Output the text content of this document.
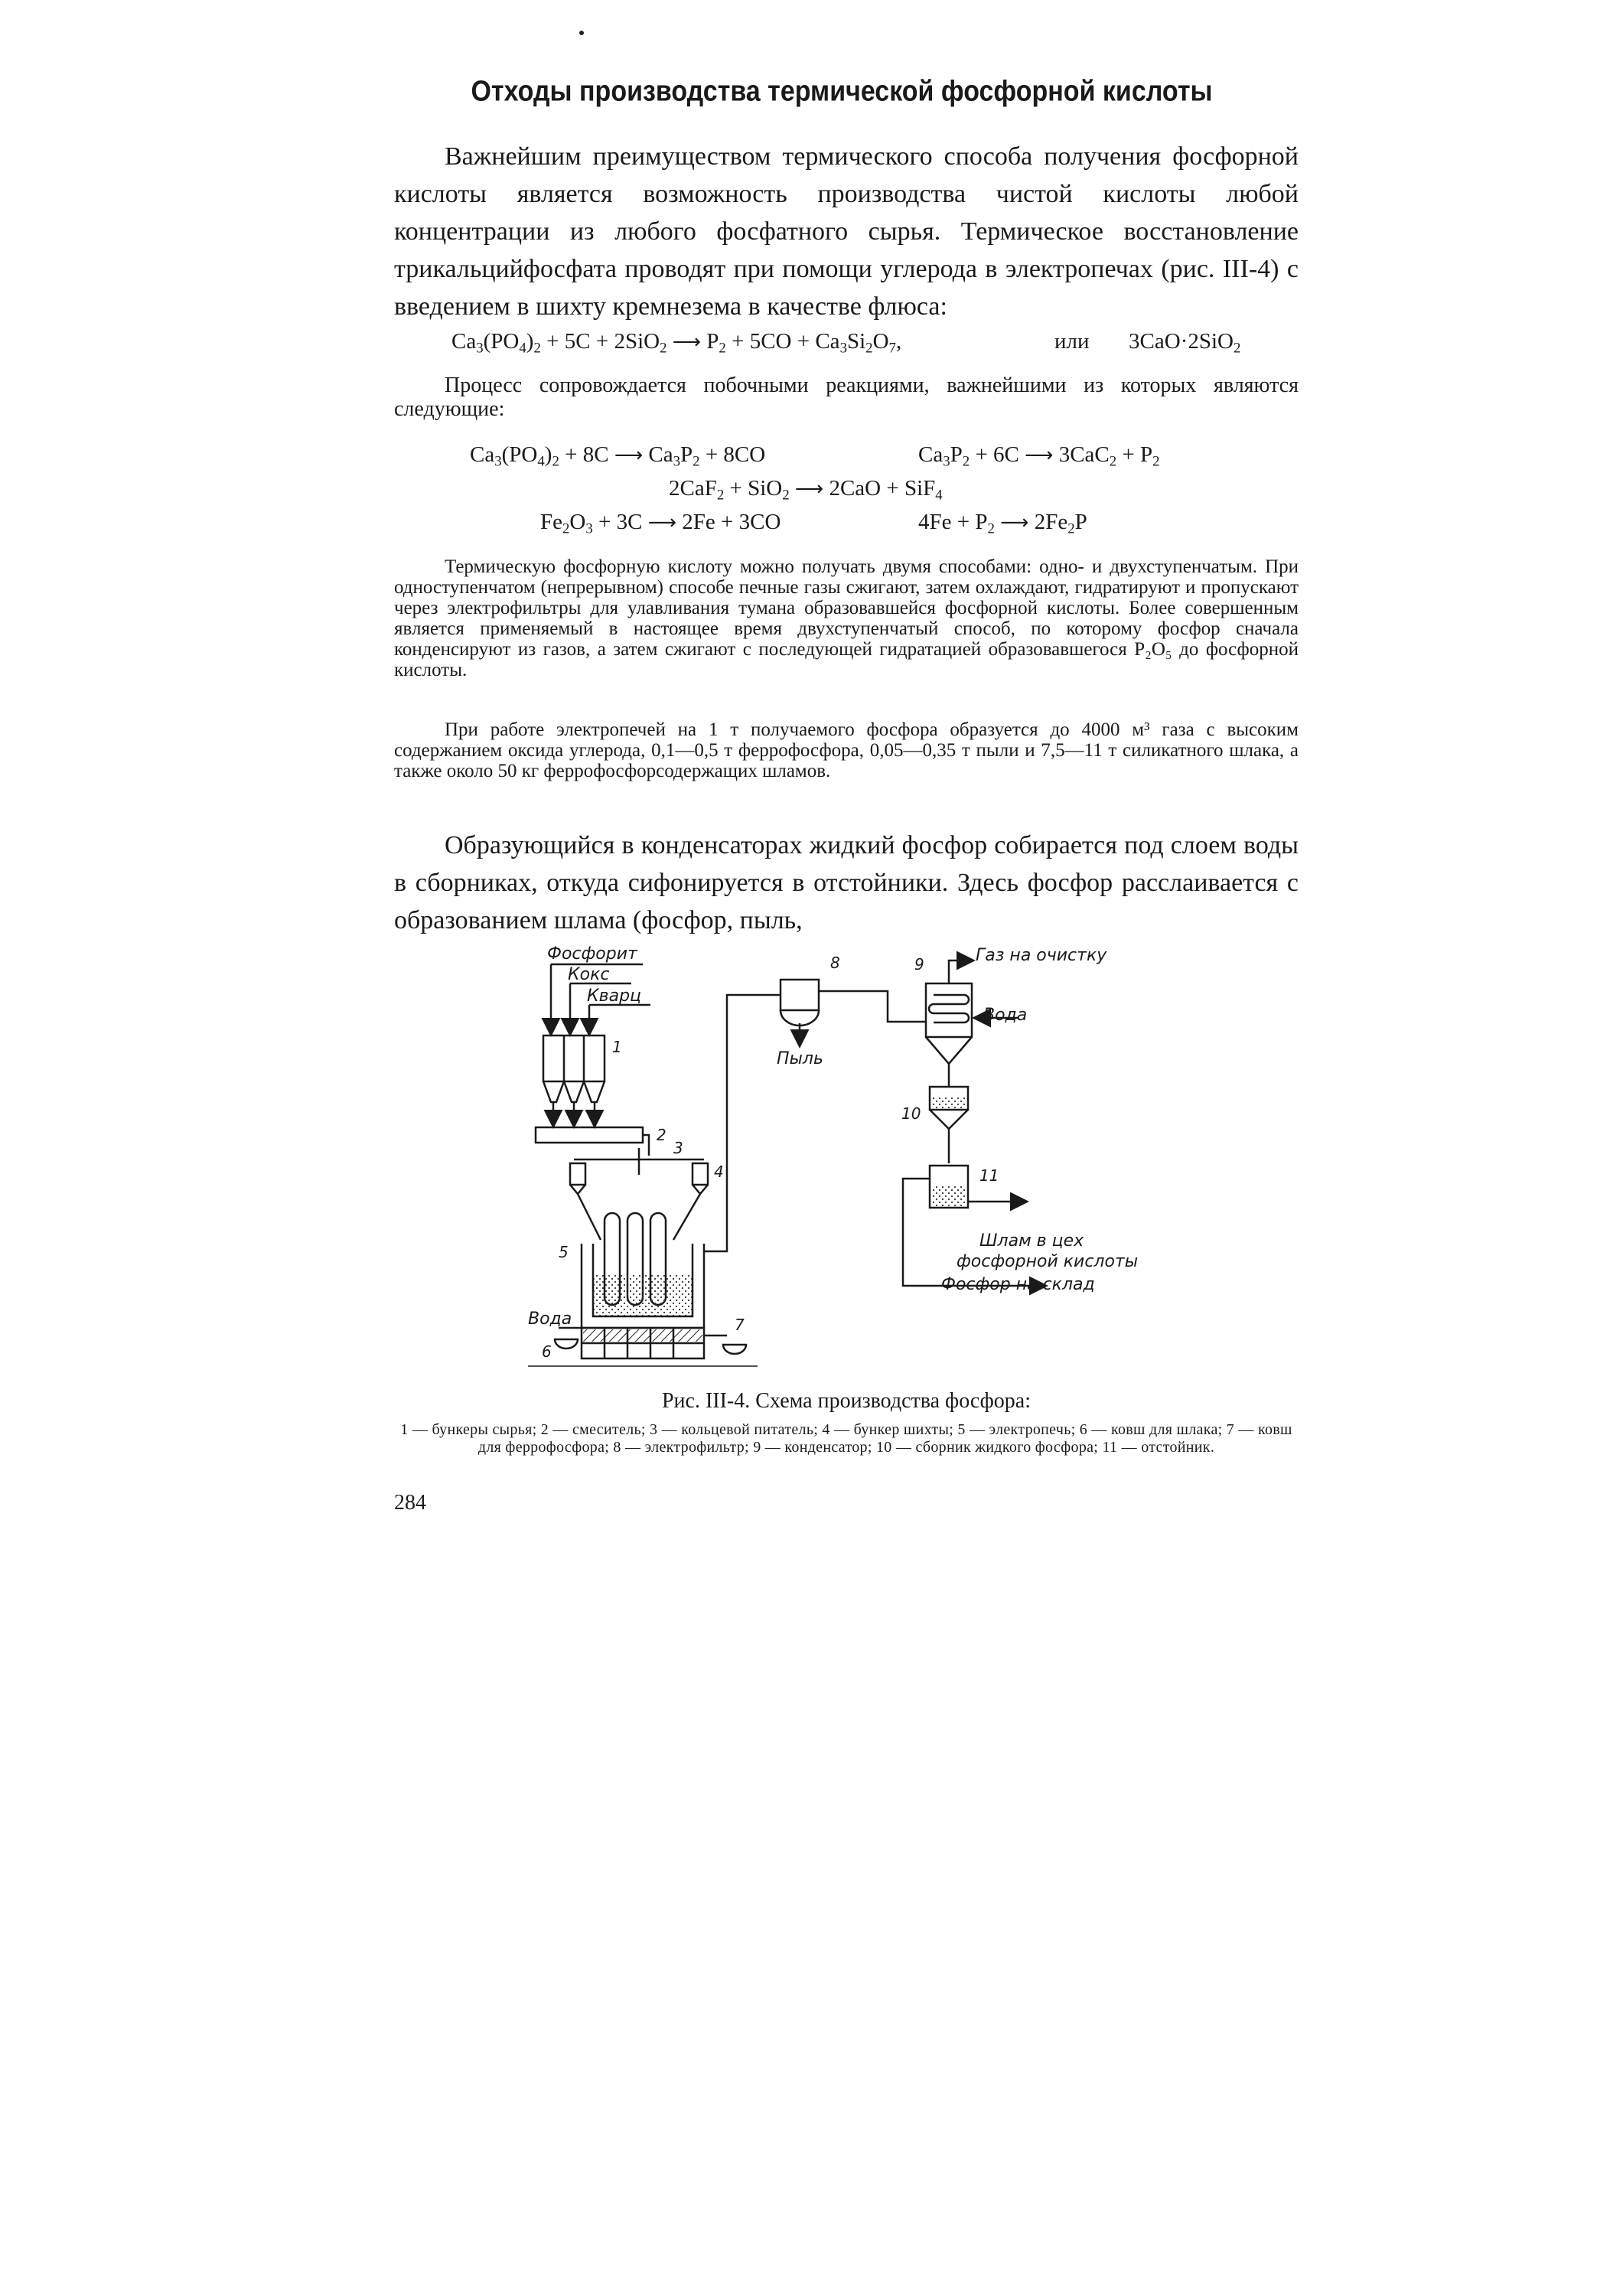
Отходы производства термической фосфорной кислоты

Важнейшим преимуществом термического способа получения фосфорной кислоты является возможность производства чистой кислоты любой концентрации из любого фосфатного сырья. Термическое восстановление трикальцийфосфата проводят при помощи углерода в электропечах (рис. III-4) с введением в шихту кремнезема в качестве флюса:

$Ca_3(PO_4)_2 + 5C + 2SiO_2$ ⟶ $P_2 + 5CO + Ca_3Si_2O_7$,	или 3CaO·2SiO$_2$

Процесс сопровождается побочными реакциями, важнейшими из которых являются следующие:

$Ca_3(PO_4)_2 + 8C$ ⟶ $Ca_3P_2 + 8CO$	$Ca_3P_2 + 6C$ ⟶ $3CaC_2 + P_2$
2CaF$_2$ + SiO$_2$ ⟶ 2CaO + SiF$_4$
$Fe_2O_3 + 3C$ ⟶ 2Fe + 3CO	$4Fe + P_2$ ⟶ $2Fe_2P$

Термическую фосфорную кислоту можно получать двумя способами: одно- и двухступенчатым. При одноступенчатом (непрерывном) способе печные газы сжигают, затем охлаждают, гидратируют и пропускают через электрофильтры для улавливания тумана образовавшейся фосфорной кислоты. Более совершенным является применяемый в настоящее время двухступенчатый способ, по которому фосфор сначала конденсируют из газов, а затем сжигают с последующей гидратацией образовавшегося P₂O₅ до фосфорной кислоты.

При работе электропечей на 1 т получаемого фосфора образуется до 4000 м³ газа с высоким содержанием оксида углерода, 0,1—0,5 т феррофосфора, 0,05—0,35 т пыли и 7,5—11 т силикатного шлака, а также около 50 кг феррофосфорсодержащих шламов.

Образующийся в конденсаторах жидкий фосфор собирается под слоем воды в сборниках, откуда сифонируется в отстойники. Здесь фосфор расслаивается с образованием шлама (фосфор, пыль,

Фосфорит
Кокс
Кварц
Пыль
Газ на очистку
Вода
Вода
Шлам в цех
фосфорной кислоты
Фосфор на склад
1
2
3
4
5
6
7
8	9
10
11
Рис. III-4. Схема производства фосфора:
1 — бункеры сырья; 2 — смеситель; 3 — кольцевой питатель; 4 — бункер шихты; 5 — электропечь; 6 — ковш для шлака; 7 — ковш для феррофосфора; 8 — электрофильтр; 9 — конденсатор; 10 — сборник жидкого фосфора; 11 — отстойник.
284
